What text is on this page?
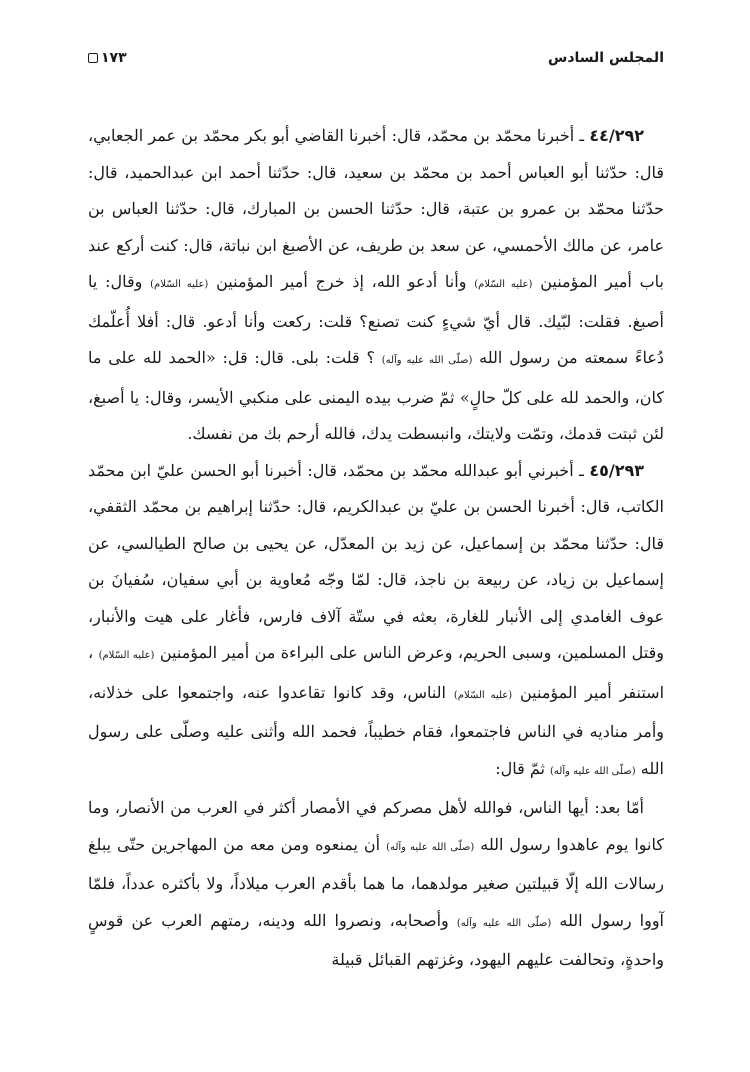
المجلس السادس
١٧٣

٤٤/٢٩٢ ـ أخبرنا محمّد بن محمّد، قال: أخبرنا القاضي أبو بكر محمّد بن عمر الجعابي، قال: حدّثنا أبو العباس أحمد بن محمّد بن سعيد، قال: حدّثنا أحمد ابن عبدالحميد، قال: حدّثنا محمّد بن عمرو بن عتبة، قال: حدّثنا الحسن بن المبارك، قال: حدّثنا العباس بن عامر، عن مالك الأحمسي، عن سعد بن طريف، عن الأصبغ ابن نباتة، قال: كنت أركع عند باب أمير المؤمنين (عليه السّلام) وأنا أدعو الله، إذ خرج أمير المؤمنين (عليه السّلام) وقال: يا أصبغ. فقلت: لبّيك. قال أيّ شيءٍ كنت تصنع؟ قلت: ركعت وأنا أدعو. قال: أفلا أُعلّمك دُعاءً سمعته من رسول الله (صلّى الله عليه وآله) ؟ قلت: بلى. قال: قل: «الحمد لله على ما كان، والحمد لله على كلّ حالٍ» ثمّ ضرب بيده اليمنى على منكبي الأيسر، وقال: يا أصبغ، لئن ثبتت قدمك، وتمّت ولايتك، وانبسطت يدك، فالله أرحم بك من نفسك.

٤٥/٢٩٣ ـ أخبرني أبو عبدالله محمّد بن محمّد، قال: أخبرنا أبو الحسن عليّ ابن محمّد الكاتب، قال: أخبرنا الحسن بن عليّ بن عبدالكريم، قال: حدّثنا إبراهيم بن محمّد الثقفي، قال: حدّثنا محمّد بن إسماعيل، عن زيد بن المعدّل، عن يحيى بن صالح الطيالسي، عن إسماعيل بن زياد، عن ربيعة بن ناجذ، قال: لمّا وجّه مُعاوية بن أبي سفيان، سُفيانَ بن عوف الغامدي إلى الأنبار للغارة، بعثه في ستّة آلاف فارس، فأغار على هيت والأنبار، وقتل المسلمين، وسبى الحريم، وعرض الناس على البراءة من أمير المؤمنين (عليه السّلام) ، استنفر أمير المؤمنين (عليه السّلام) الناس، وقد كانوا تقاعدوا عنه، واجتمعوا على خذلانه، وأمر مناديه في الناس فاجتمعوا، فقام خطيباً، فحمد الله وأثنى عليه وصلّى على رسول الله (صلّى الله عليه وآله) ثمّ قال:

أمّا بعد: أيها الناس، فوالله لأهل مصركم في الأمصار أكثر في العرب من الأنصار، وما كانوا يوم عاهدوا رسول الله (صلّى الله عليه وآله) أن يمنعوه ومن معه من المهاجرين حتّى يبلغ رسالات الله إلّا قبيلتين صغير مولدهما، ما هما بأقدم العرب ميلاداً، ولا بأكثره عدداً، فلمّا آووا رسول الله (صلّى الله عليه وآله) وأصحابه، ونصروا الله ودينه، رمتهم العرب عن قوسٍ واحدةٍ، وتحالفت عليهم اليهود، وغزتهم القبائل قبيلة
